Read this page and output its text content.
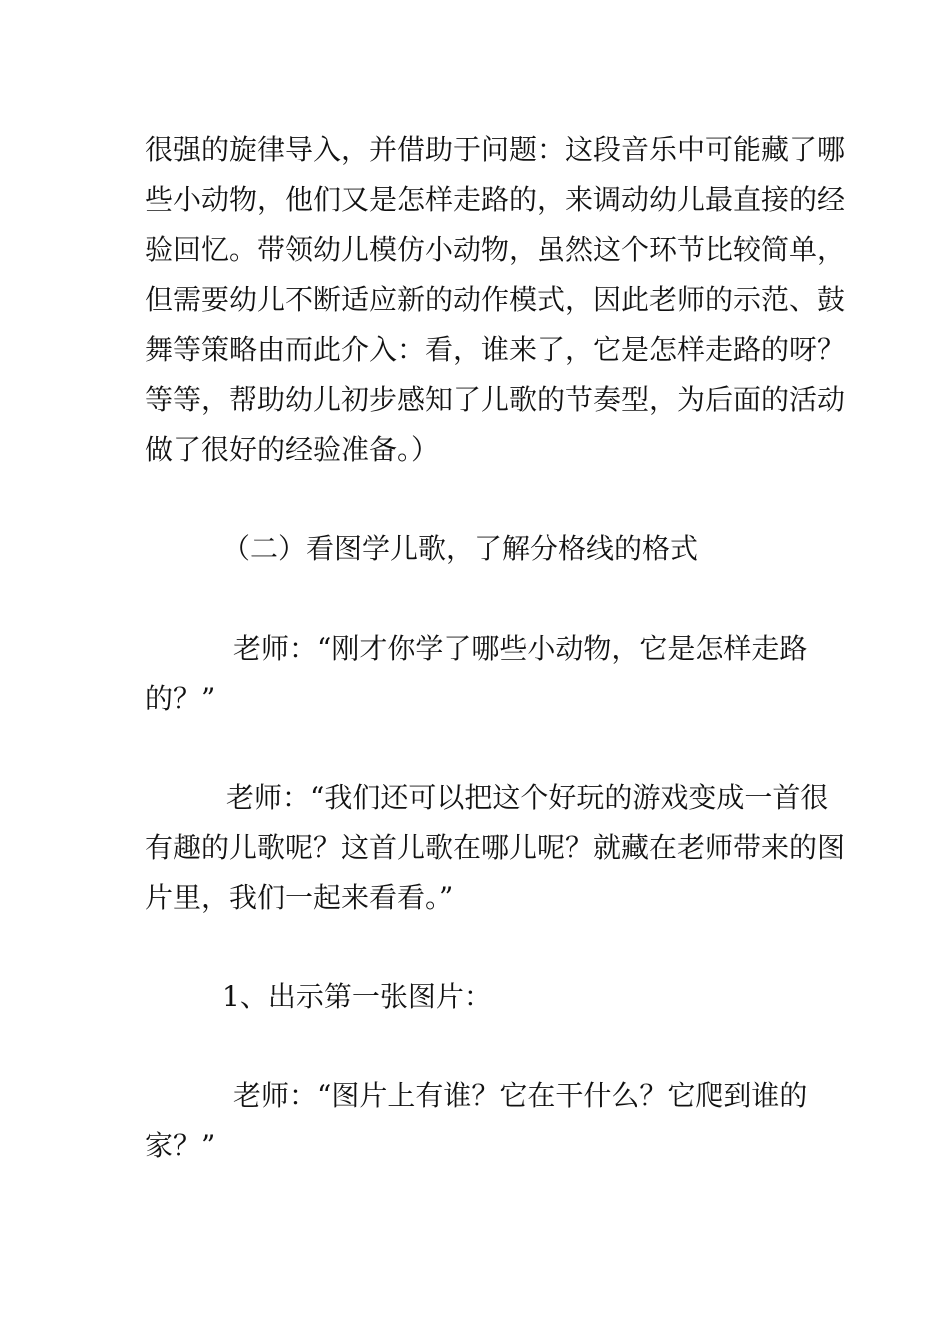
很强的旋律导入，并借助于问题：这段音乐中可能藏了哪
些小动物，他们又是怎样走路的，来调动幼儿最直接的经
验回忆。带领幼儿模仿小动物，虽然这个环节比较简单，
但需要幼儿不断适应新的动作模式，因此老师的示范、鼓
舞等策略由而此介入：看，谁来了，它是怎样走路的呀？
等等，帮助幼儿初步感知了儿歌的节奏型，为后面的活动
做了很好的经验准备。）
（二）看图学儿歌，了解分格线的格式
老师：“刚才你学了哪些小动物，它是怎样走路
的？”
老师：“我们还可以把这个好玩的游戏变成一首很
有趣的儿歌呢？这首儿歌在哪儿呢？就藏在老师带来的图
片里，我们一起来看看。”
1、出示第一张图片：
老师：“图片上有谁？它在干什么？它爬到谁的
家？”
